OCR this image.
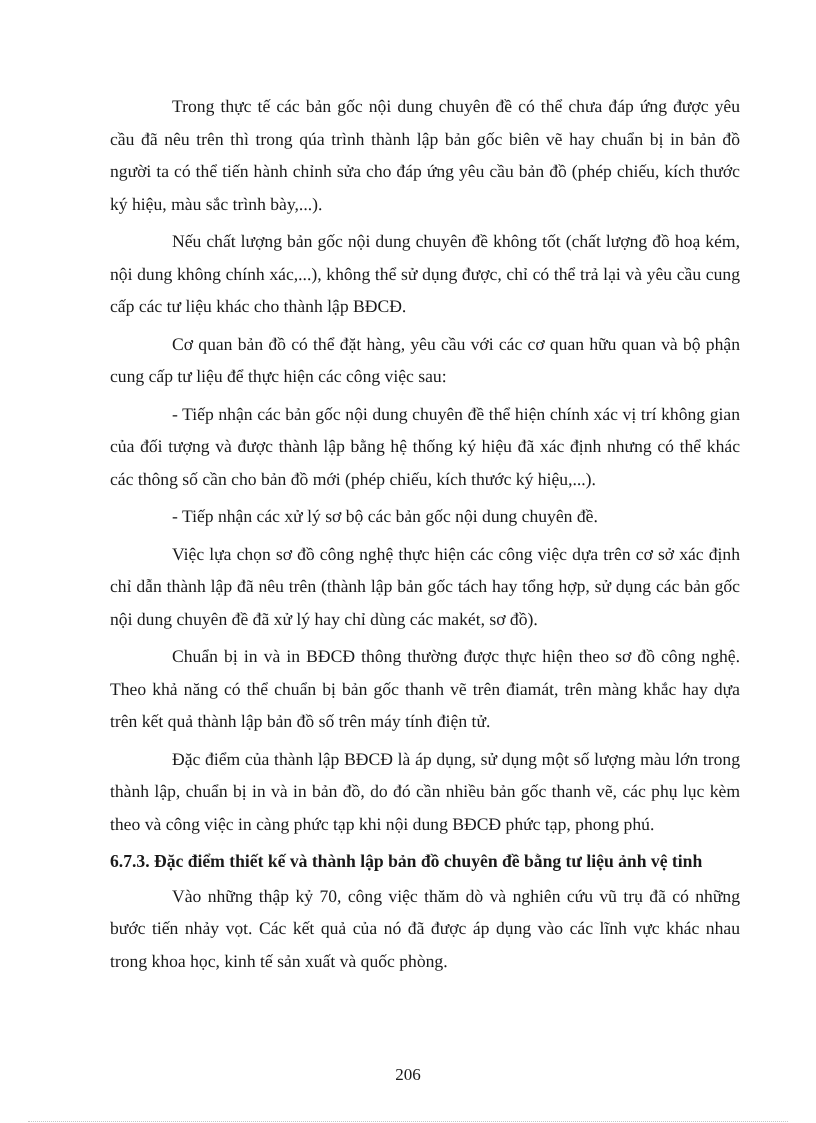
Trong thực tế các bản gốc nội dung chuyên đề có thể chưa đáp ứng được yêu cầu đã nêu trên thì trong qúa trình thành lập bản gốc biên vẽ hay chuẩn bị in bản đồ người ta có thể tiến hành chỉnh sửa cho đáp ứng yêu cầu bản đồ (phép chiếu, kích thước ký hiệu, màu sắc trình bày,...).

Nếu chất lượng bản gốc nội dung chuyên đề không tốt (chất lượng đồ hoạ kém, nội dung không chính xác,...), không thể sử dụng được, chỉ có thể trả lại và yêu cầu cung cấp các tư liệu khác cho thành lập BĐCĐ.

Cơ quan bản đồ có thể đặt hàng, yêu cầu với các cơ quan hữu quan và bộ phận cung cấp tư liệu để thực hiện các công việc sau:

- Tiếp nhận các bản gốc nội dung chuyên đề thể hiện chính xác vị trí không gian của đối tượng và được thành lập bằng hệ thống ký hiệu đã xác định nhưng có thể khác các thông số cần cho bản đồ mới (phép chiếu, kích thước ký hiệu,...).

- Tiếp nhận các xử lý sơ bộ các bản gốc nội dung chuyên đề.

Việc lựa chọn sơ đồ công nghệ thực hiện các công việc dựa trên cơ sở xác định chỉ dẫn thành lập đã nêu trên (thành lập bản gốc tách hay tổng hợp, sử dụng các bản gốc nội dung chuyên đề đã xử lý hay chỉ dùng các makét, sơ đồ).

Chuẩn bị in và in BĐCĐ thông thường được thực hiện theo sơ đồ công nghệ. Theo khả năng có thể chuẩn bị bản gốc thanh vẽ trên điamát, trên màng khắc hay dựa trên kết quả thành lập bản đồ số trên máy tính điện tử.

Đặc điểm của thành lập BĐCĐ là áp dụng, sử dụng một số lượng màu lớn trong thành lập, chuẩn bị in và in bản đồ, do đó cần nhiều bản gốc thanh vẽ, các phụ lục kèm theo và công việc in càng phức tạp khi nội dung BĐCĐ phức tạp, phong phú.

6.7.3. Đặc điểm thiết kế và thành lập bản đồ chuyên đề bằng tư liệu ảnh vệ tinh

Vào những thập kỷ 70, công việc thăm dò và nghiên cứu vũ trụ đã có những bước tiến nhảy vọt. Các kết quả của nó đã được áp dụng vào các lĩnh vực khác nhau trong khoa học, kinh tế sản xuất và quốc phòng.

206
